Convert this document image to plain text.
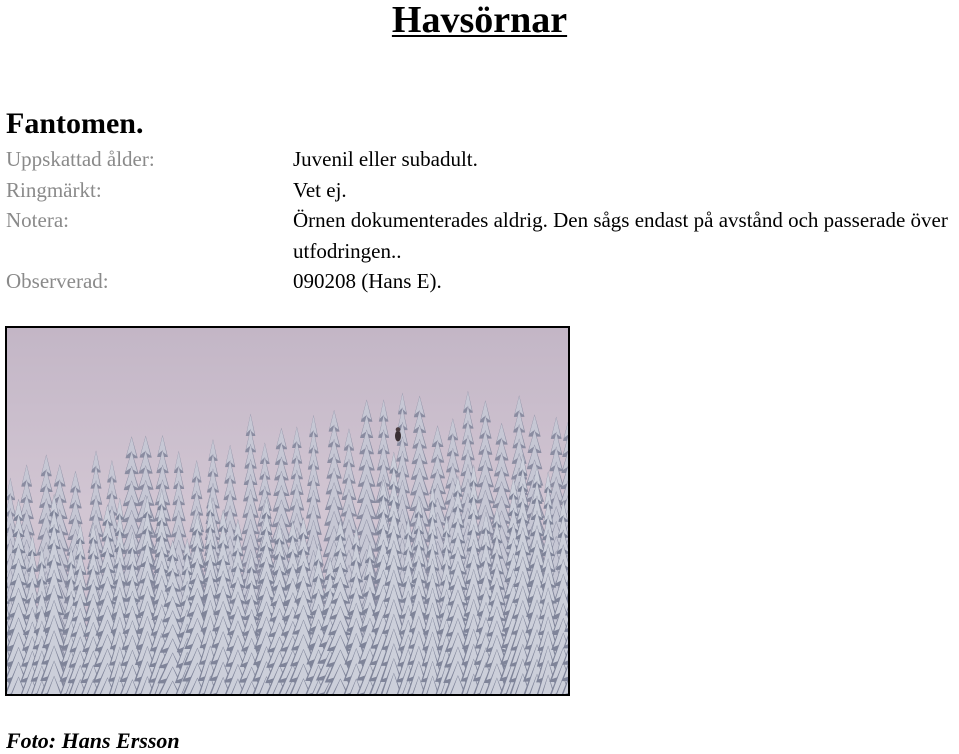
Havsörnar
Fantomen.
Uppskattad ålder:	Juvenil eller subadult.
Ringmärkt:	Vet ej.
Notera:	Örnen dokumenterades aldrig. Den sågs endast på avstånd och passerade över utfodringen..
Observerad:	090208 (Hans E).
Foto: Hans Ersson
